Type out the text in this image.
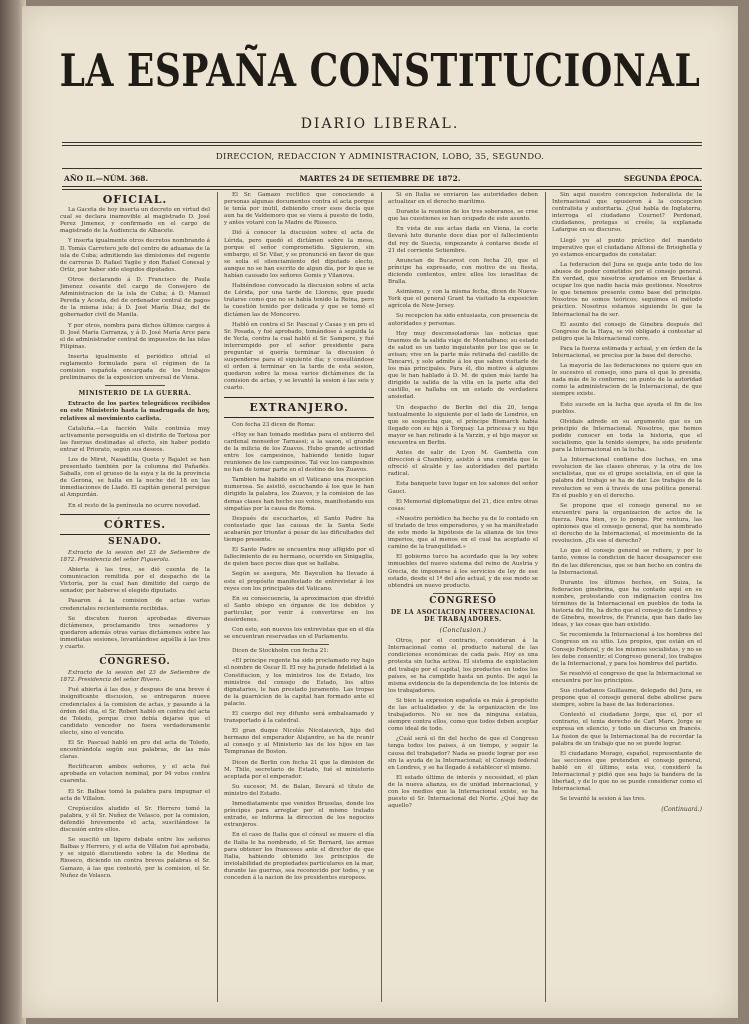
LA ESPAÑA CONSTITUCIONAL
DIARIO LIBERAL.
DIRECCION, REDACCION Y ADMINISTRACION, LOBO, 35, SEGUNDO.
AÑO II.—NÚM. 368.	MARTES 24 DE SETIEMBRE DE 1872.	SEGUNDA ÉPOCA.
OFICIAL.

La Gaceta de hoy inserta un decreto en virtud del cual se declara inamovible al magistrado D. José Perez Jimenez, y confirmado en el cargo de magistrado de la Audiencia de Albacete.

Y inserta igualmente otros decretos nombrando á D. Tomás Carretero jefe del centro de aduanas de la isla de Cuba; admitiendo las dimisiones del regente de carreras D. Rafael Yagüe y don Rafael Conesal y Ortiz, por haber sido elegidos diputados.

Otros declarando á D. Francisco de Paula Jimenez cesante del cargo de Consejero de Administracion de la isla de Cuba; á D. Manuel Pereda y Acosta, del de ordenador central de pagos de la misma isla; á D. José María Diaz, del de gobernador civil de Manila.

Y por otros, nombra para dichos últimos cargos á D. José María Carranza, y á D. José María Arce para el de administrador central de impuestos de las islas Filipinas.

Inserta igualmente el periódico oficial el reglamento formulado para el régimen de la comision española encargada de los trabajos preliminares de la exposicion universal de Viena.

MINISTERIO DE LA GUERRA.

Extracto de los partes telegráficos recibidos en este Ministerio hasta la madrugada de hoy, relativos al movimiento carlista.

Cataluña.—La facción Valls continúa muy activamente perseguida en el distrito de Tortosa por las fuerzas destinadas al efecto, sin haber podido entrar el Priorato, según sus deseos.

Los de Miret, Nasadilla, Queta y Bajalet se han presentado también por la columna del Pañadés. Saballs, con el grueso de la suya y la de la provincia de Gerona, se halla en la noche del 18 en las inmediaciones de Lladó. El capitán general persigue al Ampurdán.

En el resto de la península no ocurre novedad.

CÓRTES.
SENADO.

Extracto de la sesion del 23 de Setiembre de 1872. Presidencia del señor Figuerola.

Abierta á las tres, se dió cuenta de la comunicacion remitida por el despacho de la Victoria, por la cual han dimitido del cargo de senador, por haberse el elegido diputado.

Pasaron á la comision de actas varias credenciales recientemente recibidas.

Se discuten fueron aprobadas diversas dictámenes, proclamando tres senadores y quedaron además otras varias dictámenes sobre las inmediatas sesiones, levantándose aquélla á las tres y cuarto.

CONGRESO.

Extracto de la sesion del 23 de Setiembre de 1872. Presidencia del señor Rivero.

Fué abierta á las dos, y despues de una breve é insignificante discusion, se entregaron nueve credenciales á la comision de actas, y pasando á la órden del dia, el Sr. Robert habló en contra del acta de Toledo, porque creo debía dejarse que el candidato vencedor no fuera verdaderamente electo, sino el vencido.

El Sr. Pascual habló en pro del acta de Toledo, encontrándola según sus palabras, de las más claras.

Rectificaron ambos señores, y el acta fué aprobada en votacion nominal, por 94 votos contra cuarenta.

El Sr. Balbas tomó la palabra para impugnar el acta de Villalon.

Crepúsculos aludido el Sr. Herrero tomó la palabra, y él Sr. Nuñez de Velasco, por la comision, defendió brevemente el acta, suscitándose la discusión entre ellos.

Se suscitó un ligero debate entre los señores Balbas y Herrero, y el acta de Villalon fué aprobada, y se siguió discutiendo sobre la de Medina de Rioseco, diciendo un contra breves palabras el Sr. Gamazo, á las que contestó, por la comision, el Sr. Nuñez de Velasco.

El Sr. Gamazo rectificó que conociendo á personas algunas documentos contra el acta porque le tenía por inútil, debiendo creer esos decía que aun ha de Valdemoro que se viera á puesto de todo, y antes votaré con la Madre de Rioseco.

Dió á conocer la discusion sobre el acta de Lérida, pero quedó el dictámen sobre la mesa, porque el señor comprometido. Siguieron, sin embargo, el Sr. Vilar, y se pronunció en favor de que se solía el silenciamiento del diputado electo, aunque no se han escrito de algun día, por lo que se habían causado los señores Gomis y Vilanova.

Habiéndose convocado la discusion sobre el acta de Lérida, por una tarde de Llorens, que puede tratarse como que no se había tenido la Reina, pero la cuestión tenido por delicada y que se tomó el dictámen las de Moncorvo.

Habló en contra el Sr. Pascual y Casas y en pro el Sr. Posada, y fué aprobado, tomándose á seguida la de Yecla, contra la cual habló el Sr. Sampere, y fué interrumpido por el señor presidente para preguntar si quería terminar la discusion ó suspenderse para el siguiente día; y consultándose el orden á terminar en la tarde de esta sesion, quedaron sobre la mesa varios dictámenes de la comision de actas, y se levantó la sesion á las seis y cuarto.

EXTRANJERO.

Con fecha 23 dicen de Roma:

«Hoy se han tomado medidas para el entierro del cardenal monseñor Tarnassi; a la sazon, el grande de la milicia de los Zuavos. Hubo grande actividad entre los campesinos, habiendo tenido lugar reuniones de los campesinos. Tal vez los campesinos no han de tomar parte en el destino de los Zuavos.

Tambien ha habido en el Vaticano una recepcion numerosa. Se asistió, escuchando á los que le han dirigido la palabra, los Zuavos, y la comision de las demas clases han hecho sus votos, manifestando sus simpatías por la causa de Roma.

Después de escucharlos, el Santo Padre ha contestado que las causas de la Santa Sede acabarán por triunfar á pesar de las dificultades del tiempo presente.

El Santo Padre se encuentra muy afligido por el fallecimiento de su hermano, ocurrido en Sinigaglia, de quien hace pocos dias que se hallaba.

Según se asegura, Mr. Bayeulion ha llevado á este el propósito manifestado de entrevistar á los reyes con los principales del Vaticano.

En su consecuencia, la aproximacion que dividió el Santo obispo en órganos de los debidos y particular, por venir á convertirse en los desórdenes.

Con esto, son nuevos los entrevistas que en el día se encuentran reservadas en el Parlamento.

Dicen de Stockholm con fecha 21:

«El príncipe regente ha sido proclamado rey bajo el nombre de Oscar II. El rey ha jurado fidelidad á la Constitucion, y los ministros los de Estado, los ministros del consejo de Estado, los altos dignatarios, le han prestado juramento. Las tropas de la guarnicion de la capital han formado ante el palacio.

El cuerpo del rey difunto será embalsamado y transportado á la catedral.

El gran duque Nicolás Nicolaievich, hijo del hermano del emperador Alejandro, se ha de reunir al consejo y al Ministerio las de los hijos en las Tempranas de Boston.

Dicen de Berlin con fecha 21 que la dimision de M. Thile, secretario de Estado, fué el ministerio aceptada por el emperador.

Su sucesor, M. de Balan, llevará el título de ministro del Estado.

Inmediatamente que venidos Bruselas, donde los príncipes para arreglar por el mismo tratado entrado, se informa la direccion de los negocios extranjeros.

En el caso de Italia que el cónsul se muere el día de Italia le ha nombrado, el Sr. Bernard, las armas para obtener los franceses ante el director de que Italia, habiendo obtenido los principios de inviolabilidad de propiedades particulares en la mar, durante las guerras, sea reconocido por todos, y se conceden á la nacion de los presidentes europeos.

Si en Italia se enviaron las autoridades deben actualizar en el derecho marítimo.

Durante la reunion de los tres soberanos, se cree que las cuestiones se han ocupado de este asunto.

En vista de sus actas dada en Viena, la corte llevará luto durante doce días por el fallecimiento del rey de Suecia, empezando á contarse desde el 21 del corriente Setiembre.

Anuncian de Bucarest con fecha 20, que el príncipe ha expresado, con motivo de su fiesta, diciendo contentos, entre ellos los israelitas de Bralla.

Asimismo, y con la misma fecha, dicen de Nueva-York que el general Grant ha visitado la exposicion agrícola de New-Jersey.

Su recepcion ha sido entusiasta, con presencia de autoridades y personas.

Hoy muy desconsoladoras las noticias que traemos de la salida viaje de Montalbano; su estado de salud es un tanto inquietante por los que se le avisan; vive en la parte más retirada del castillo de Tancarvi, y solo admite á los que saben visitarle de los más principales. Para él, dio motivo á algunos que le han hablado á D. M. de quien más tarde ha dirigido la salida de la villa en la parte alta del castillo, se hallaba en un estado de verdadera ansiedad.

Un despacho de Berlin del día 20, tenga textualmente lo siguiente por el lado de Londres, en que se sospecha que, el príncipe Bismarck había llegado con su hijo á Torquay. La princesa y su hijo mayor se han retirado á la Varzin, y el hijo mayor se encuentra en Berlin.

Antes de salir de Lyon M. Gambetta con direccion á Chambéry, asistió á una comida que le ofreció el alcalde y las autoridades del partido radical.

Esta banquete tuvo lugar en los salones del señor Gauci.

El Memorial diplomatique del 21, dice entre otras cosas:

«Nuestro periódico ha hecho ya de lo contado en el tratado de tres emperadores, y se ha manifestado de este modo la hipótesis de la alianza de los tres imperios, que al menos en el cual ha aceptado el camino de la tranquilidad.»

El gobierno turco ha acordado que la ley sobre inmuebles del nuevo sistema del reino de Austria y Grecia, de imponerse á los servicios de ley de ese estado, desde el 1º del año actual, y de ese modo se obtendrá un nuevo producto.

CONGRESO
DE LA ASOCIACION INTERNACIONAL DE TRABAJADORES.
(Conclusion.)

Otros, por el contrario, consideran á la Internacional como el producto natural de las condiciones económicas de cada país. Hoy es una protesta sin lucha activa. El sistema de explotacion del trabajo por el capital, los productos en todos los países, se ha cumplido hasta un punto. De aquí la misma evidencia de la dependencia de los interés de los trabajadores.

Si bien la expresion española es más á propósito de las actualidades y de la organizacion de los trabajadores. No se nos da ninguna estatua, siempre contra ellos, como que todos deben aceptar como ideal de todo.

¿Cuál será el fin del hecho de que el Congreso tenga todos los paises, á un tiempo, y seguir la causa del trabajador? Nada se puede lograr por eso sin la ayuda de la Internacional; el Consejo federal en Londres, y se ha llegado á establecer el mismo.

El estado último de interés y necesidad, el plan de la nueva alianza, es de unidad internacional, y con los medios que la Internacional existe, se ha puesto el Sr. Internacional del Norte. ¿Qué hay de aquello?

Sin aquí nuestro concepcion federalista de la Internacional que opusieron á la concepcion centralista y autoritaria. ¿Qué habla de Inglaterra, interroga el ciudadano Cournet? Perdonad, ciudadanos, protegas si creéis; la explanada Lafargue en su discurso.

Llegó yo al punto práctico del mandato imperativo que el ciudadano Alfonsi de Brisighella y yo estamos encargados de constatar.

La federacion del Jura se queja ante todo de los abusos de poder cometidos por el consejo general. En verdad, que nosotros ayudamos en Bruselas á ocupar los que nadie hacía más gestiones. Nosotros lo que tenemos presente como base del principio. Nosotros no somos teóricos; seguimos el método práctico. Nosotros estamos siguiendo lo que la Internacional ha de ser.

El asunto del consejo de Ginebra después del Congreso de la Haya, se vió obligado á contestar al peligro que la Internacional corre.

Para la fuerza estimada y actual, y en órden de la Internacional, se precisa por la base del derecho.

La mayoría de las federaciones no quiere que en lo sucesivo el consejo, sino para el que lo presida, nada más de lo conforme; un punto de la autoridad como la administracion de la Internacional, de que siempre existe.

Esto sucede en la lucha que ayuda el fin de los pueblos.

Olvidais adrede en su argumento que es un principio de Internacional. Nosotros, que hemos podido conocer en toda la historia, que el socialismo, que la tenido siempre, ha sido prudente para la Internacional en la lucha.

La Internacional contiene dos luchas, en una revolucion de las clases obreras, y la otra de los socialistas, que es el grupo socialista, en el que la palabra del trabajo se ha de dar. Los trabajos de la revolucion se ven á través de una política general. En el pueblo y en el derecho.

Se propone que el consejo general no se encuentre para la organizacion de actos de la fuerza. Para bien, yo lo pongo. Por ventura, las opiniones que el consejo general, que ha nombrado el derecho de la Internacional, el movimiento de la revolucion. ¿Es ese el derecho?

Lo que el consejo general se refiere, y por lo tanto, vemos la condicion de hacer desaparecer ese fin de las diferencias, que se han hecho en contra de la Internacional.

Durante los últimos hechos, en Suiza, la federacion ginebrina, que ha contado aquí en su nombre, protestando con indignacion contra los términos de la Internacional en pueblos de toda la historia del fin, ha dicho que el consejo de Londres y de Ginebra, nosotros, de Francia, que han dado las ideas, y las cosas que han existido.

Se recomienda la Internacional á los hombres del Congreso en su sitio. Los propios, que están en el Consejo Federal, y de los mismos socialistas, y no se les debe consentir; el Congreso general, los trabajos de la Internacional, y para los hombres del partido.

Se resolvió el congreso de que la Internacional se encuentra por los principios.

Sus ciudadanos Guillaume, delegado del Jura, se propone que el consejo general debe abolirse para siempre, sobre la base de las federaciones.

Contestó el ciudadano Jorge, que el, por el contrario, el tenia derecho de Carl Marx. Jorge se expresa en silencio, y todo un discurso en francés. La fusion de que la Internacional ha de recordar la palabra de un trabajo que no se puede lograr.

El ciudadano Morago, español, representante de las secciones que pretenden el consejo general, habló en él último, esta vez, consideró la Internacional y pidió que sea bajo la bandera de la libertad, y de lo que no se puede considerar como el Internacional.

Se levantó la sesion á las tres.

(Continuará.)
